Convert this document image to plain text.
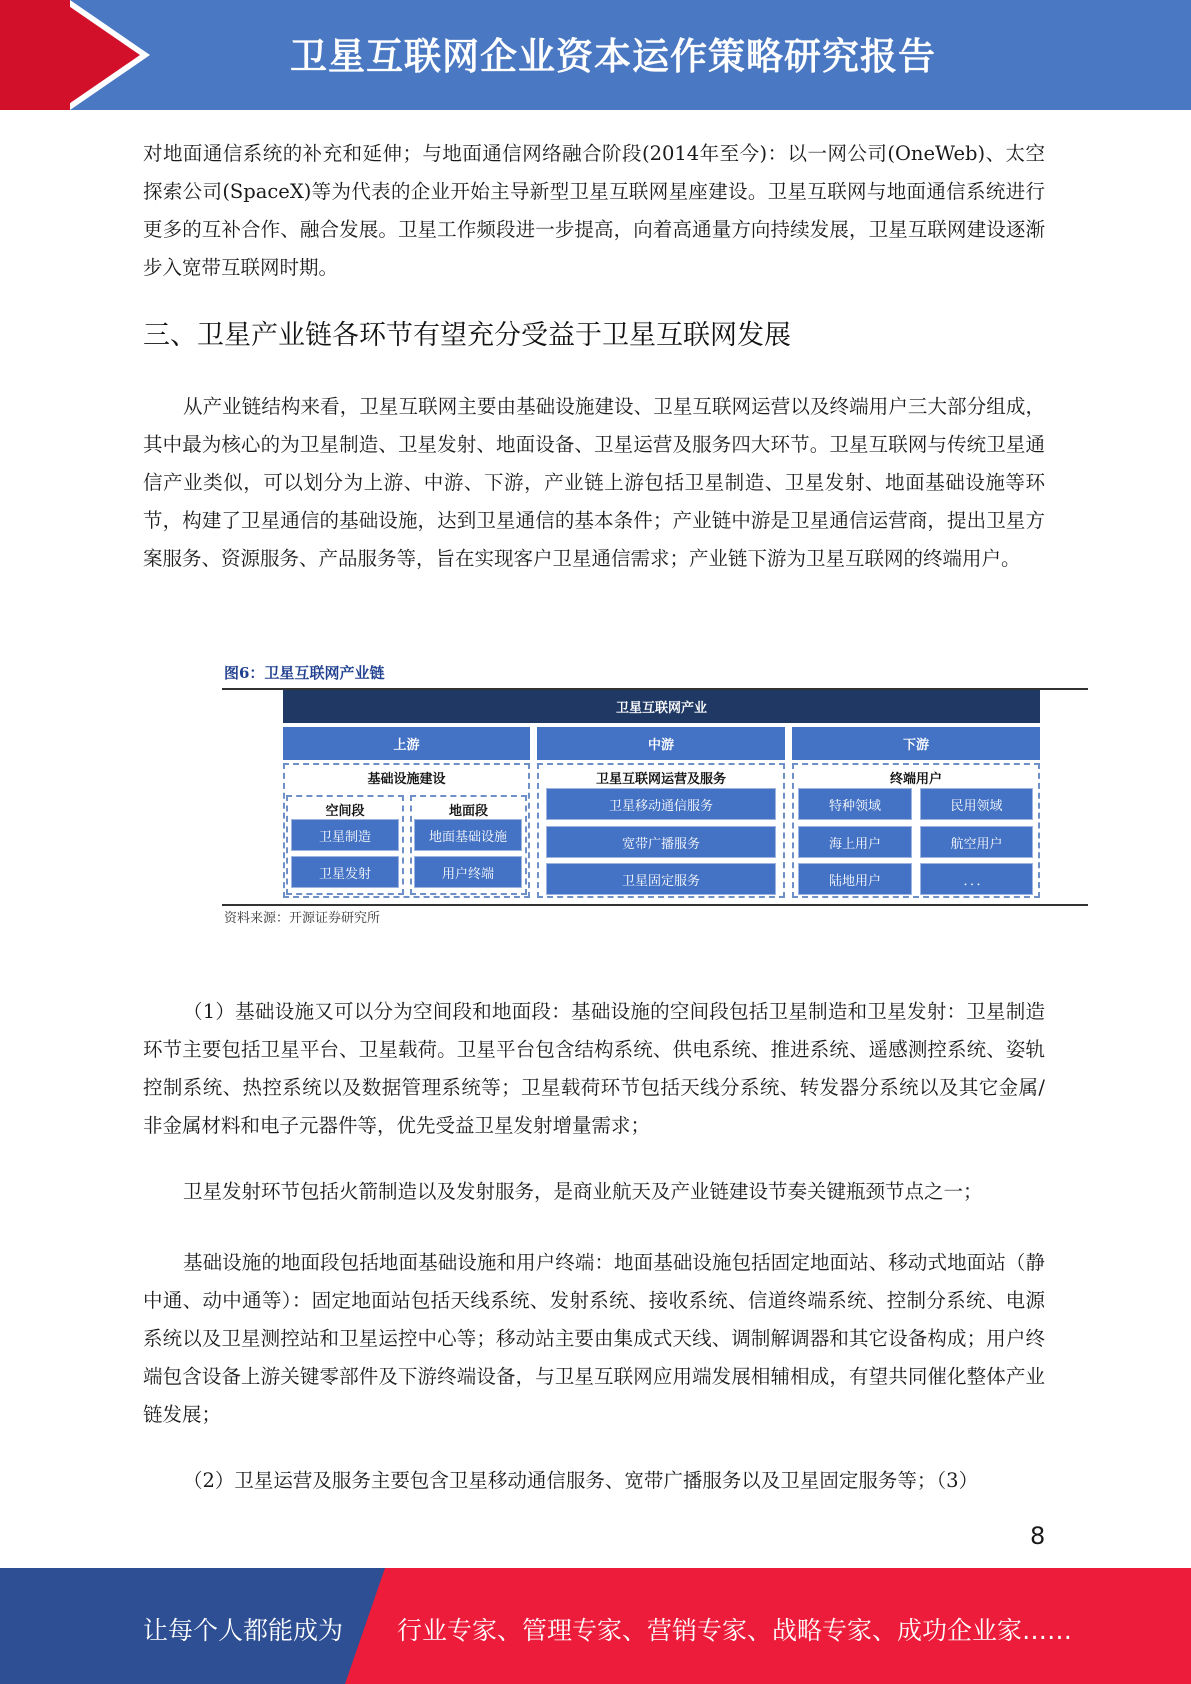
卫星互联网企业资本运作策略研究报告

对地面通信系统的补充和延伸；与地面通信网络融合阶段(2014年至今)：以一网公司(OneWeb)、太空探索公司(SpaceX)等为代表的企业开始主导新型卫星互联网星座建设。卫星互联网与地面通信系统进行更多的互补合作、融合发展。卫星工作频段进一步提高，向着高通量方向持续发展，卫星互联网建设逐渐步入宽带互联网时期。

三、卫星产业链各环节有望充分受益于卫星互联网发展

从产业链结构来看，卫星互联网主要由基础设施建设、卫星互联网运营以及终端用户三大部分组成，其中最为核心的为卫星制造、卫星发射、地面设备、卫星运营及服务四大环节。卫星互联网与传统卫星通信产业类似，可以划分为上游、中游、下游，产业链上游包括卫星制造、卫星发射、地面基础设施等环节，构建了卫星通信的基础设施，达到卫星通信的基本条件；产业链中游是卫星通信运营商，提出卫星方案服务、资源服务、产品服务等，旨在实现客户卫星通信需求；产业链下游为卫星互联网的终端用户。

图6：卫星互联网产业链
卫星互联网产业
上游	中游	下游
基础设施建设
空间段
卫星制造
卫星发射
地面段
地面基础设施
用户终端
卫星互联网运营及服务
卫星移动通信服务
宽带广播服务
卫星固定服务
终端用户
特种领域	民用领域
海上用户	航空用户
陆地用户	．．．
资料来源：开源证券研究所

（1）基础设施又可以分为空间段和地面段：基础设施的空间段包括卫星制造和卫星发射：卫星制造环节主要包括卫星平台、卫星载荷。卫星平台包含结构系统、供电系统、推进系统、遥感测控系统、姿轨控制系统、热控系统以及数据管理系统等；卫星载荷环节包括天线分系统、转发器分系统以及其它金属/非金属材料和电子元器件等，优先受益卫星发射增量需求；

卫星发射环节包括火箭制造以及发射服务，是商业航天及产业链建设节奏关键瓶颈节点之一；

基础设施的地面段包括地面基础设施和用户终端：地面基础设施包括固定地面站、移动式地面站（静中通、动中通等）：固定地面站包括天线系统、发射系统、接收系统、信道终端系统、控制分系统、电源系统以及卫星测控站和卫星运控中心等；移动站主要由集成式天线、调制解调器和其它设备构成；用户终端包含设备上游关键零部件及下游终端设备，与卫星互联网应用端发展相辅相成，有望共同催化整体产业链发展；

（2）卫星运营及服务主要包含卫星移动通信服务、宽带广播服务以及卫星固定服务等；（3）

8
让每个人都能成为 行业专家、管理专家、营销专家、战略专家、成功企业家……
